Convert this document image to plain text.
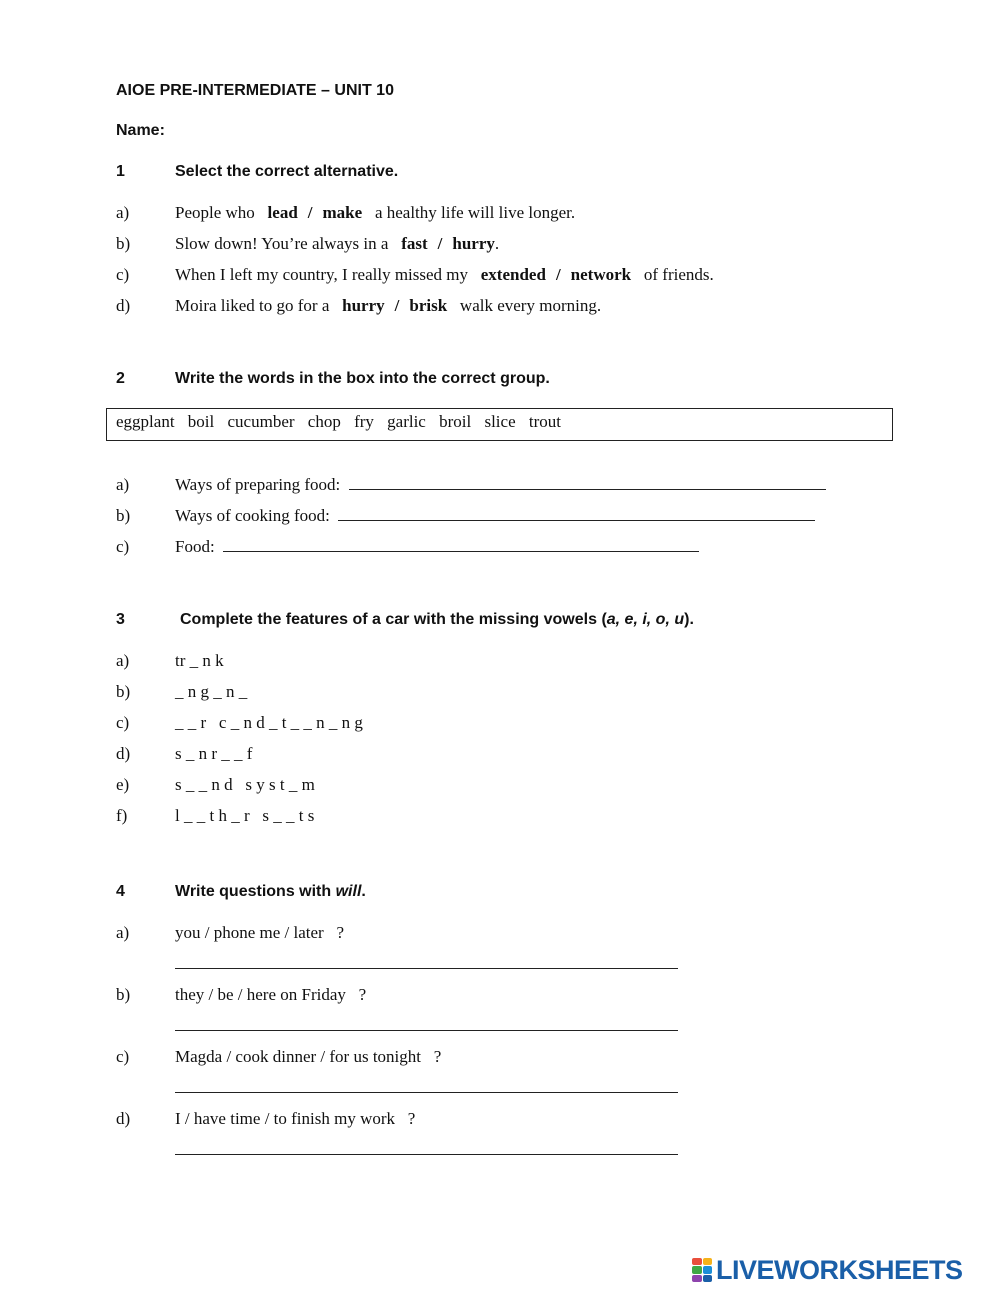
AIOE PRE-INTERMEDIATE – UNIT 10
Name:
1	Select the correct alternative.
a)	People who lead / make a healthy life will live longer.
b)	Slow down! You’re always in a fast / hurry.
c)	When I left my country, I really missed my extended / network of friends.
d)	Moira liked to go for a hurry / brisk walk every morning.
2	Write the words in the box into the correct group.
eggplant boil cucumber chop fry garlic broil slice trout
a)	Ways of preparing food:
b)	Ways of cooking food:
c)	Food:
3	Complete the features of a car with the missing vowels (a, e, i, o, u).
a)	tr _ n k
b)	_ n g _ n _
c)	_ _ r   c _ n d _ t _ _ n _ n g
d)	s _ n r _ _ f
e)	s _ _ n d   s y s t _ m
f)	l _ _ t h _ r   s _ _ t s
4	Write questions with will.
a)	you / phone me / later   ?
b)	they / be / here on Friday   ?
c)	Magda / cook dinner / for us tonight   ?
d)	I / have time / to finish my work   ?
LIVEWORKSHEETS
